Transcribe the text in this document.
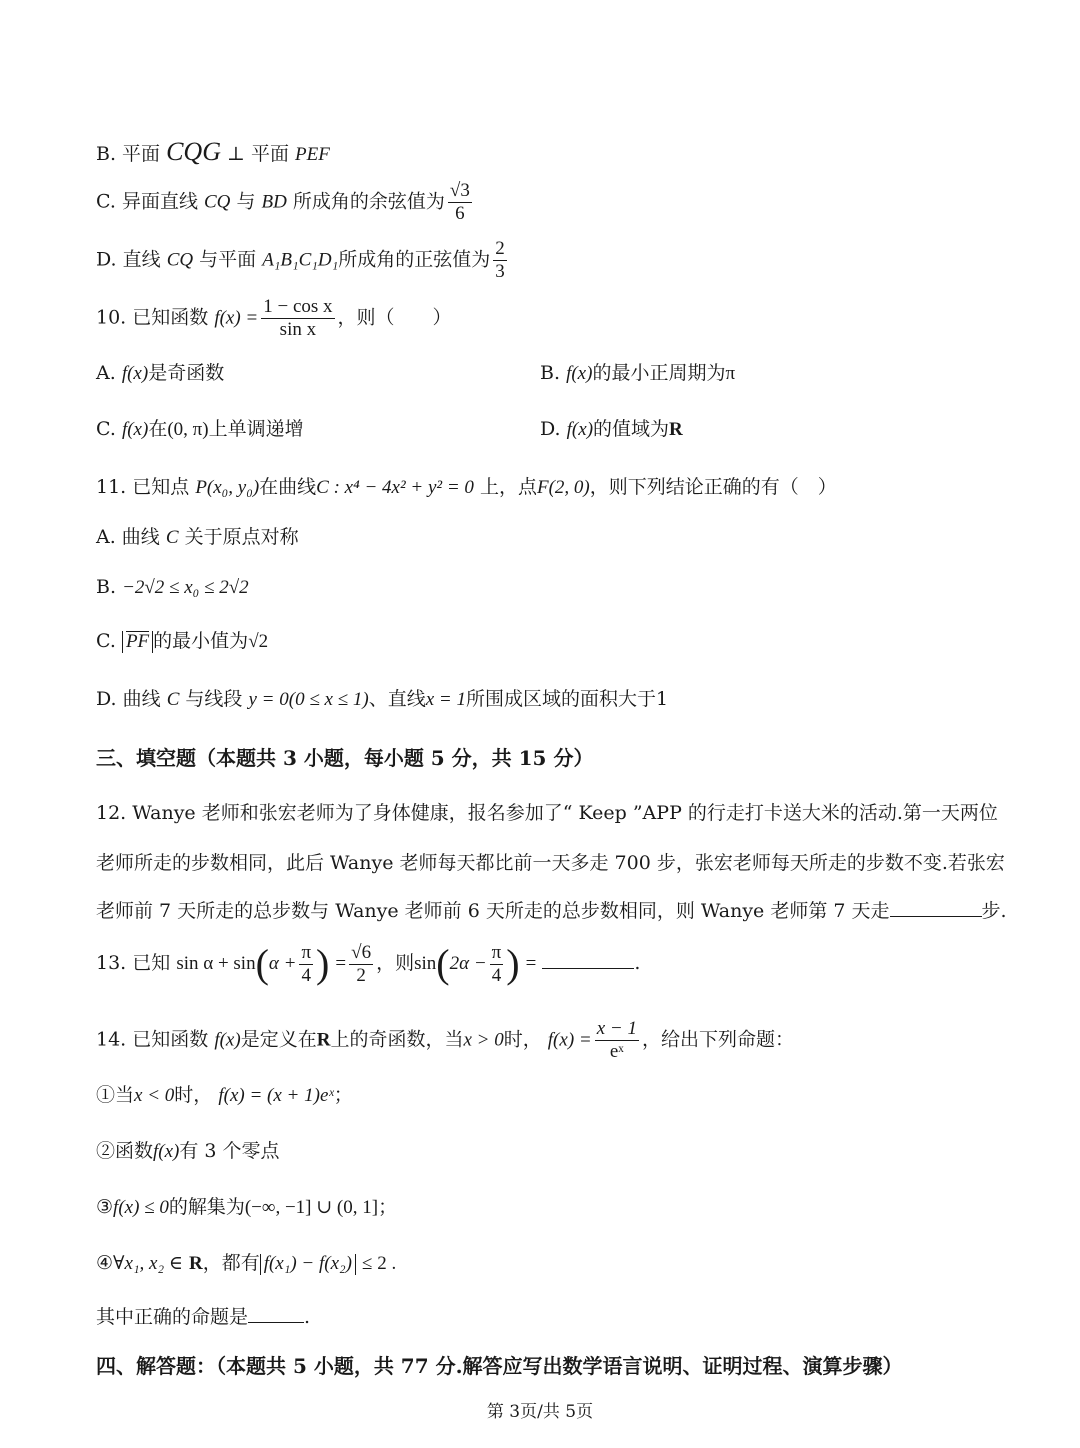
B. 平面 CQG ⊥ 平面 PEF
C. 异面直线 CQ 与 BD 所成角的余弦值为 $\frac{√3}{6}$
D. 直线 CQ 与平面 A₁B₁C₁D₁所成角的正弦值为 $\frac{2}{3}$
10. 已知函数 $f(x) = \frac{\text{1 − cos x}}{\text{sin x}}$ ，则（　　）
A. f(x)是奇函数	B. f(x)的最小正周期为π
C. f(x)在(0, π)上单调递增	D. f(x)的值域为R
11. 已知点 P(x₀, y₀)在曲线C : x⁴ − 4x² + y² = 0 上，点F(2, 0)，则下列结论正确的有（　）
A. 曲线 C 关于原点对称
B. −2√2 ≤ x₀ ≤ 2√2
C. PF 的最小值为√2
D. 曲线 C 与线段 y = 0(0 ≤ x ≤ 1)、直线x = 1所围成区域的面积大于1
三、填空题（本题共 3 小题，每小题 5 分，共 15 分）
12. Wanye 老师和张宏老师为了身体健康，报名参加了“ Keep ”APP 的行走打卡送大米的活动.第一天两位
老师所走的步数相同，此后 Wanye 老师每天都比前一天多走 700 步，张宏老师每天所走的步数不变.若张宏
老师前 7 天所走的总步数与 Wanye 老师前 6 天所走的总步数相同，则 Wanye 老师第 7 天走	步.
13. 已知 $\sin \alpha + \sin(\alpha + \frac{\pi}{4}$ ) = $\frac{√6}{2}$ ，则$\sin(2\alpha - \frac{\pi}{4}$ ) =	.
14. 已知函数 f(x)是定义在R上的奇函数，当x > 0时， $f(x) = \frac{x - 1}{\text{eˣ}}$ ，给出下列命题：
①当x < 0时， f(x) = (x + 1)eˣ；
②函数f(x)有 3 个零点
③f(x) ≤ 0的解集为(−∞, −1] ∪ (0, 1]；
④∀x₁, x₂ ∈ R，都有 f(x₁) − f(x₂) ≤ 2 .
其中正确的命题是	.
四、解答题：（本题共 5 小题，共 77 分.解答应写出数学语言说明、证明过程、演算步骤）
第 3页/共 5页
